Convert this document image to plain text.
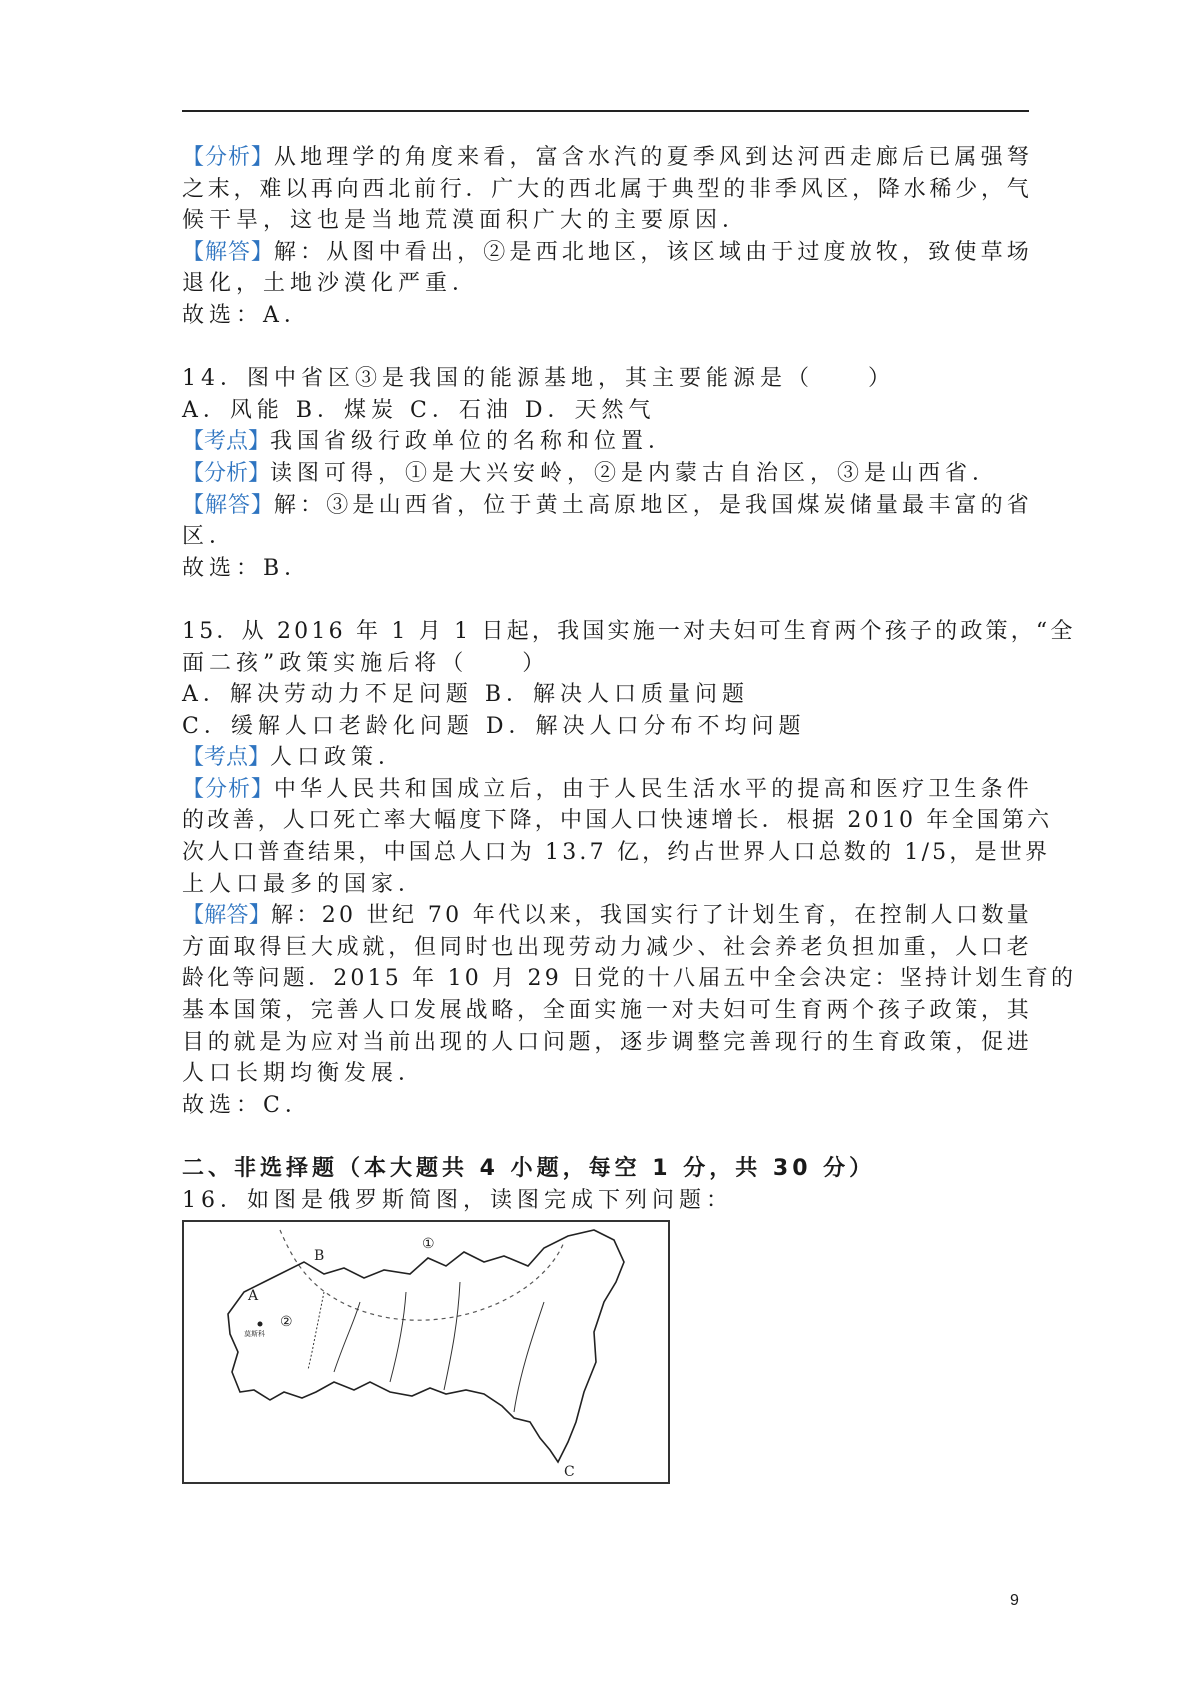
【分析】从地理学的角度来看，富含水汽的夏季风到达河西走廊后已属强弩
之末，难以再向西北前行．广大的西北属于典型的非季风区，降水稀少，气
候干旱，这也是当地荒漠面积广大的主要原因．
【解答】解：从图中看出，②是西北地区，该区域由于过度放牧，致使草场
退化，土地沙漠化严重．
故选：A．
14．图中省区③是我国的能源基地，其主要能源是（　　）
A．风能 B．煤炭 C．石油 D．天然气
【考点】我国省级行政单位的名称和位置．
【分析】读图可得，①是大兴安岭，②是内蒙古自治区，③是山西省．
【解答】解：③是山西省，位于黄土高原地区，是我国煤炭储量最丰富的省
区．
故选：B．
15．从 2016 年 1 月 1 日起，我国实施一对夫妇可生育两个孩子的政策，“全
面二孩”政策实施后将（　　）
A．解决劳动力不足问题 B．解决人口质量问题
C．缓解人口老龄化问题 D．解决人口分布不均问题
【考点】人口政策．
【分析】中华人民共和国成立后，由于人民生活水平的提高和医疗卫生条件
的改善，人口死亡率大幅度下降，中国人口快速增长．根据 2010 年全国第六
次人口普查结果，中国总人口为 13.7 亿，约占世界人口总数的 1/5，是世界
上人口最多的国家．
【解答】解：20 世纪 70 年代以来，我国实行了计划生育，在控制人口数量
方面取得巨大成就，但同时也出现劳动力减少、社会养老负担加重，人口老
龄化等问题．2015 年 10 月 29 日党的十八届五中全会决定：坚持计划生育的
基本国策，完善人口发展战略，全面实施一对夫妇可生育两个孩子政策，其
目的就是为应对当前出现的人口问题，逐步调整完善现行的生育政策，促进
人口长期均衡发展．
故选：C．
二、非选择题（本大题共 4 小题，每空 1 分，共 30 分）
16．如图是俄罗斯简图，读图完成下列问题：
①
②
A
B
C
莫斯科
9
